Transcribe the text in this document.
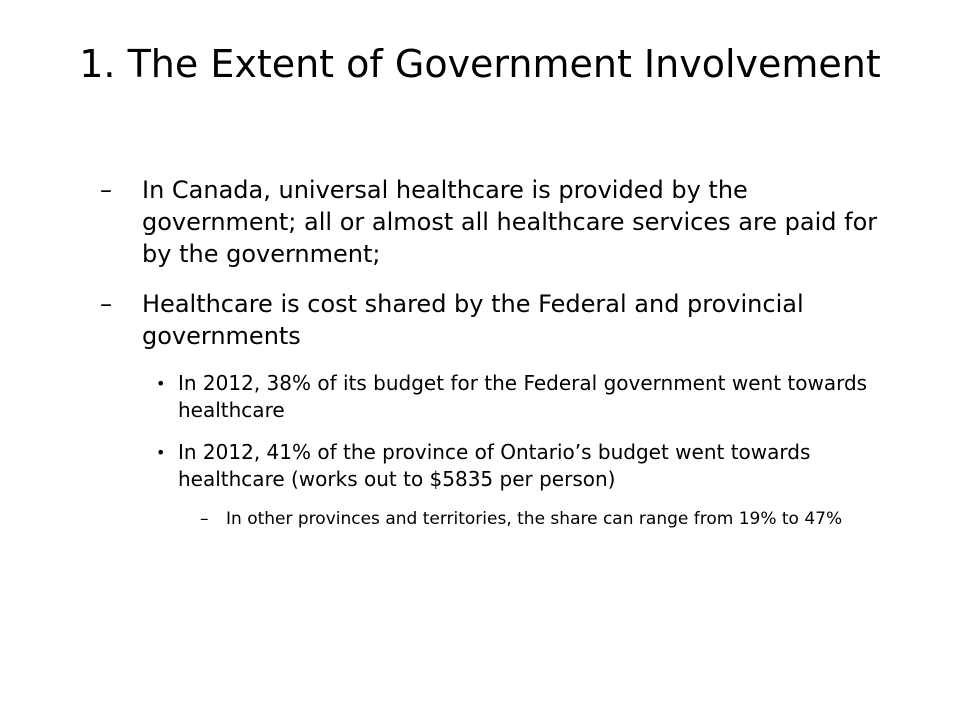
1. The Extent of Government Involvement
– In Canada, universal healthcare is provided by the government; all or almost all healthcare services are paid for by the government;
– Healthcare is cost shared by the Federal and provincial governments
• In 2012, 38% of its budget for the Federal government went towards healthcare
• In 2012, 41% of the province of Ontario’s budget went towards healthcare (works out to $5835 per person)
– In other provinces and territories, the share can range from 19% to 47%
